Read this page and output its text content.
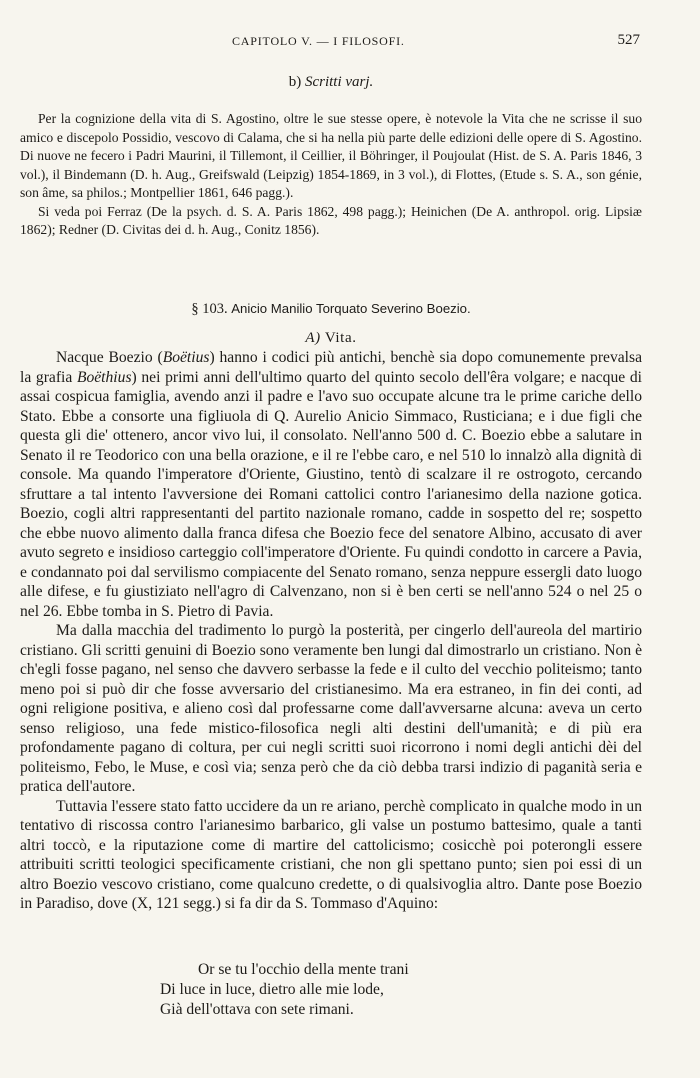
CAPITOLO V. — I FILOSOFI.	527
b) Scritti varj.

Per la cognizione della vita di S. Agostino, oltre le sue stesse opere, è notevole la Vita che ne scrisse il suo amico e discepolo Possidio, vescovo di Calama, che si ha nella più parte delle edizioni delle opere di S. Agostino. Di nuove ne fecero i Padri Maurini, il Tillemont, il Ceillier, il Böhringer, il Poujoulat (Hist. de S. A. Paris 1846, 3 vol.), il Bindemann (D. h. Aug., Greifswald (Leipzig) 1854-1869, in 3 vol.), di Flottes, (Etude s. S. A., son génie, son âme, sa philos.; Montpellier 1861, 646 pagg.).

Si veda poi Ferraz (De la psych. d. S. A. Paris 1862, 498 pagg.); Heinichen (De A. anthropol. orig. Lipsiæ 1862); Redner (D. Civitas dei d. h. Aug., Conitz 1856).

§ 103. Anicio Manilio Torquato Severino Boezio.
A) Vita.

Nacque Boezio (Boëtius) hanno i codici più antichi, benchè sia dopo comunemente prevalsa la grafia Boëthius) nei primi anni dell'ultimo quarto del quinto secolo dell'êra volgare; e nacque di assai cospicua famiglia, avendo anzi il padre e l'avo suo occupate alcune tra le prime cariche dello Stato. Ebbe a consorte una figliuola di Q. Aurelio Anicio Simmaco, Rusticiana; e i due figli che questa gli die' ottenero, ancor vivo lui, il consolato. Nell'anno 500 d. C. Boezio ebbe a salutare in Senato il re Teodorico con una bella orazione, e il re l'ebbe caro, e nel 510 lo innalzò alla dignità di console. Ma quando l'imperatore d'Oriente, Giustino, tentò di scalzare il re ostrogoto, cercando sfruttare a tal intento l'avversione dei Romani cattolici contro l'arianesimo della nazione gotica. Boezio, cogli altri rappresentanti del partito nazionale romano, cadde in sospetto del re; sospetto che ebbe nuovo alimento dalla franca difesa che Boezio fece del senatore Albino, accusato di aver avuto segreto e insidioso carteggio coll'imperatore d'Oriente. Fu quindi condotto in carcere a Pavia, e condannato poi dal servilismo compiacente del Senato romano, senza neppure essergli dato luogo alle difese, e fu giustiziato nell'agro di Calvenzano, non si è ben certi se nell'anno 524 o nel 25 o nel 26. Ebbe tomba in S. Pietro di Pavia.

Ma dalla macchia del tradimento lo purgò la posterità, per cingerlo dell'aureola del martirio cristiano. Gli scritti genuini di Boezio sono veramente ben lungi dal dimostrarlo un cristiano. Non è ch'egli fosse pagano, nel senso che davvero serbasse la fede e il culto del vecchio politeismo; tanto meno poi si può dir che fosse avversario del cristianesimo. Ma era estraneo, in fin dei conti, ad ogni religione positiva, e alieno così dal professarne come dall'avversarne alcuna: aveva un certo senso religioso, una fede mistico-filosofica negli alti destini dell'umanità; e di più era profondamente pagano di coltura, per cui negli scritti suoi ricorrono i nomi degli antichi dèi del politeismo, Febo, le Muse, e così via; senza però che da ciò debba trarsi indizio di paganità seria e pratica dell'autore.

Tuttavia l'essere stato fatto uccidere da un re ariano, perchè complicato in qualche modo in un tentativo di riscossa contro l'arianesimo barbarico, gli valse un postumo battesimo, quale a tanti altri toccò, e la riputazione come di martire del cattolicismo; cosicchè poi poterongli essere attribuiti scritti teologici specificamente cristiani, che non gli spettano punto; sien poi essi di un altro Boezio vescovo cristiano, come qualcuno credette, o di qualsivoglia altro. Dante pose Boezio in Paradiso, dove (X, 121 segg.) si fa dir da S. Tommaso d'Aquino:

Or se tu l'occhio della mente trani
Di luce in luce, dietro alle mie lode,
Già dell'ottava con sete rimani.
